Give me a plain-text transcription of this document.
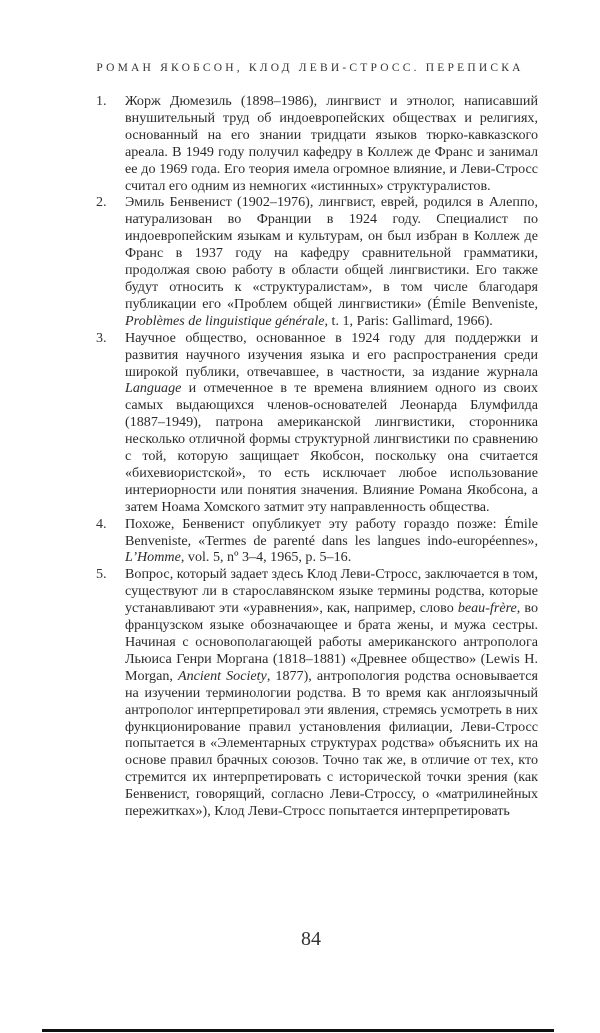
РОМАН ЯКОБСОН, КЛОД ЛЕВИ-СТРОСС. ПЕРЕПИСКА
1.	Жорж Дюмезиль (1898–1986), лингвист и этнолог, написавший внушительный труд об индоевропейских обществах и религиях, основанный на его знании тридцати языков тюрко-кавказского ареала. В 1949 году получил кафедру в Коллеж де Франс и занимал ее до 1969 года. Его теория имела огромное влияние, и Леви-Стросс считал его одним из немногих «истинных» структуралистов.
2.	Эмиль Бенвенист (1902–1976), лингвист, еврей, родился в Алеппо, натурализован во Франции в 1924 году. Специалист по индоевропейским языкам и культурам, он был избран в Коллеж де Франс в 1937 году на кафедру сравнительной грамматики, продолжая свою работу в области общей лингвистики. Его также будут относить к «структуралистам», в том числе благодаря публикации его «Проблем общей лингвистики» (Émile Benveniste, Problèmes de linguistique générale, t. 1, Paris: Gallimard, 1966).
3.	Научное общество, основанное в 1924 году для поддержки и развития научного изучения языка и его распространения среди широкой публики, отвечавшее, в частности, за издание журнала Language и отмеченное в те времена влиянием одного из своих самых выдающихся членов-основателей Леонарда Блумфилда (1887–1949), патрона американской лингвистики, сторонника несколько отличной формы структурной лингвистики по сравнению с той, которую защищает Якобсон, поскольку она считается «бихевиористской», то есть исключает любое использование интериорности или понятия значения. Влияние Романа Якобсона, а затем Ноама Хомского затмит эту направленность общества.
4.	Похоже, Бенвенист опубликует эту работу гораздо позже: Émile Benveniste, «Termes de parenté dans les langues indo-européennes», L’Homme, vol. 5, nº 3–4, 1965, p. 5–16.
5.	Вопрос, который задает здесь Клод Леви-Стросс, заключается в том, существуют ли в старославянском языке термины родства, которые устанавливают эти «уравнения», как, например, слово beau-frère, во французском языке обозначающее и брата жены, и мужа сестры. Начиная с основополагающей работы американского антрополога Льюиса Генри Моргана (1818–1881) «Древнее общество» (Lewis H. Morgan, Ancient Society, 1877), антропология родства основывается на изучении терминологии родства. В то время как англоязычный антрополог интерпретировал эти явления, стремясь усмотреть в них функционирование правил установления филиации, Леви-Стросс попытается в «Элементарных структурах родства» объяснить их на основе правил брачных союзов. Точно так же, в отличие от тех, кто стремится их интерпретировать с исторической точки зрения (как Бенвенист, говорящий, согласно Леви-Строссу, о «матрилинейных пережитках»), Клод Леви-Стросс попытается интерпретировать
84
